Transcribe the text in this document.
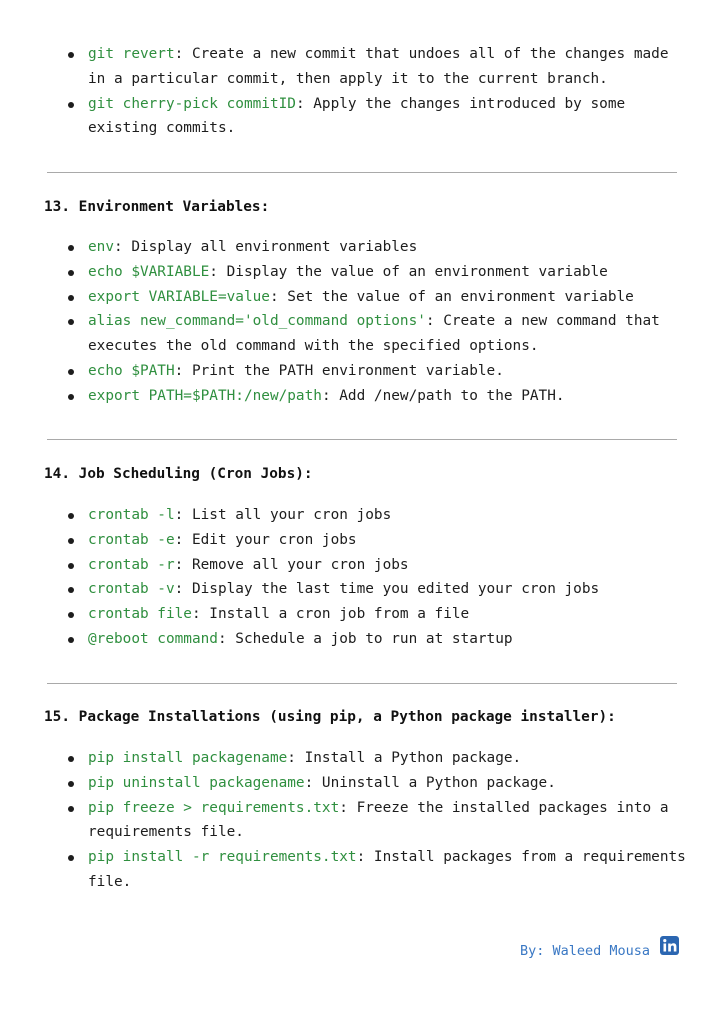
git revert: Create a new commit that undoes all of the changes made in a particular commit, then apply it to the current branch.
git cherry-pick commitID: Apply the changes introduced by some existing commits.
13. Environment Variables:
env: Display all environment variables
echo $VARIABLE: Display the value of an environment variable
export VARIABLE=value: Set the value of an environment variable
alias new_command='old_command options': Create a new command that executes the old command with the specified options.
echo $PATH: Print the PATH environment variable.
export PATH=$PATH:/new/path: Add /new/path to the PATH.
14. Job Scheduling (Cron Jobs):
crontab -l: List all your cron jobs
crontab -e: Edit your cron jobs
crontab -r: Remove all your cron jobs
crontab -v: Display the last time you edited your cron jobs
crontab file: Install a cron job from a file
@reboot command: Schedule a job to run at startup
15. Package Installations (using pip, a Python package installer):
pip install packagename: Install a Python package.
pip uninstall packagename: Uninstall a Python package.
pip freeze > requirements.txt: Freeze the installed packages into a requirements file.
pip install -r requirements.txt: Install packages from a requirements file.
By: Waleed Mousa
